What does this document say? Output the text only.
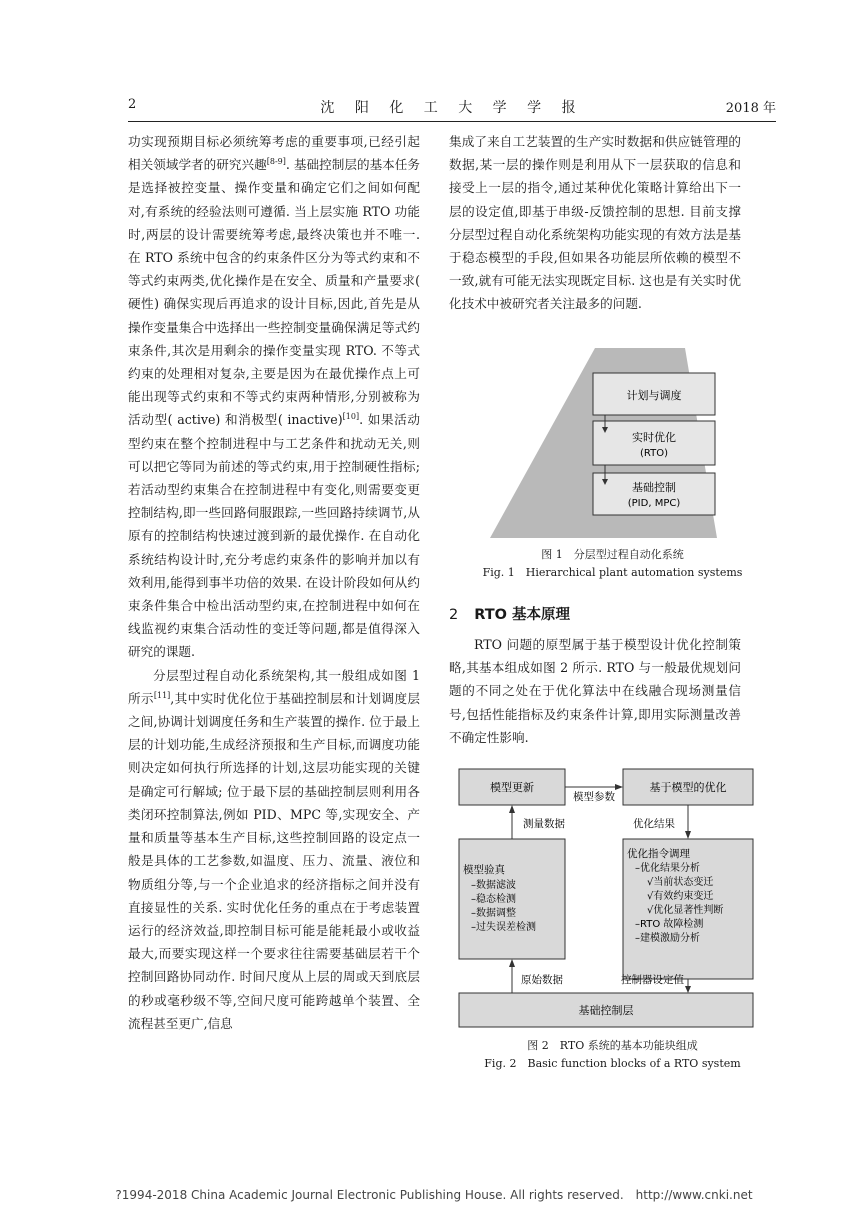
2	沈 阳 化 工 大 学 学 报	2018 年

功实现预期目标必须统筹考虑的重要事项,已经引起相关领域学者的研究兴趣[8-9]. 基础控制层的基本任务是选择被控变量、操作变量和确定它们之间如何配对,有系统的经验法则可遵循. 当上层实施 RTO 功能时,两层的设计需要统筹考虑,最终决策也并不唯一. 在 RTO 系统中包含的约束条件区分为等式约束和不等式约束两类,优化操作是在安全、质量和产量要求( 硬性) 确保实现后再追求的设计目标,因此,首先是从操作变量集合中选择出一些控制变量确保满足等式约束条件,其次是用剩余的操作变量实现 RTO. 不等式约束的处理相对复杂,主要是因为在最优操作点上可能出现等式约束和不等式约束两种情形,分别被称为活动型( active) 和消极型( inactive)[10]. 如果活动型约束在整个控制进程中与工艺条件和扰动无关,则可以把它等同为前述的等式约束,用于控制硬性指标; 若活动型约束集合在控制进程中有变化,则需要变更控制结构,即一些回路伺服跟踪,一些回路持续调节,从原有的控制结构快速过渡到新的最优操作. 在自动化系统结构设计时,充分考虑约束条件的影响并加以有效利用,能得到事半功倍的效果. 在设计阶段如何从约束条件集合中检出活动型约束,在控制进程中如何在线监视约束集合活动性的变迁等问题,都是值得深入研究的课题.

分层型过程自动化系统架构,其一般组成如图 1 所示[11],其中实时优化位于基础控制层和计划调度层之间,协调计划调度任务和生产装置的操作. 位于最上层的计划功能,生成经济预报和生产目标,而调度功能则决定如何执行所选择的计划,这层功能实现的关键是确定可行解域; 位于最下层的基础控制层则利用各类闭环控制算法,例如 PID、MPC 等,实现安全、产量和质量等基本生产目标,这些控制回路的设定点一般是具体的工艺参数,如温度、压力、流量、液位和物质组分等,与一个企业追求的经济指标之间并没有直接显性的关系. 实时优化任务的重点在于考虑装置运行的经济效益,即控制目标可能是能耗最小或收益最大,而要实现这样一个要求往往需要基础层若干个控制回路协同动作. 时间尺度从上层的周或天到底层的秒或毫秒级不等,空间尺度可能跨越单个装置、全流程甚至更广,信息

集成了来自工艺装置的生产实时数据和供应链管理的数据,某一层的操作则是利用从下一层获取的信息和接受上一层的指令,通过某种优化策略计算给出下一层的设定值,即基于串级-反馈控制的思想. 目前支撑分层型过程自动化系统架构功能实现的有效方法是基于稳态模型的手段,但如果各功能层所依赖的模型不一致,就有可能无法实现既定目标. 这也是有关实时优化技术中被研究者关注最多的问题.

计划与调度
实时优化
(RTO)
基础控制
(PID, MPC)
图 1　分层型过程自动化系统
Fig. 1　Hierarchical plant automation systems
2 RTO 基本原理

RTO 问题的原型属于基于模型设计优化控制策略,其基本组成如图 2 所示. RTO 与一般最优规划问题的不同之处在于优化算法中在线融合现场测量信号,包括性能指标及约束条件计算,即用实际测量改善不确定性影响.

模型更新
模型参数
基于模型的优化
测量数据	优化结果
模型验真
–数据滤波
–稳态检测
–数据调整
–过失误差检测
优化指令调理
–优化结果分析
√当前状态变迁
√有效约束变迁
√优化显著性判断
–RTO 故障检测
–建模激励分析
原始数据	控制器设定值
基础控制层
图 2　RTO 系统的基本功能块组成
Fig. 2　Basic function blocks of a RTO system
?1994-2018 China Academic Journal Electronic Publishing House. All rights reserved.　http://www.cnki.net
